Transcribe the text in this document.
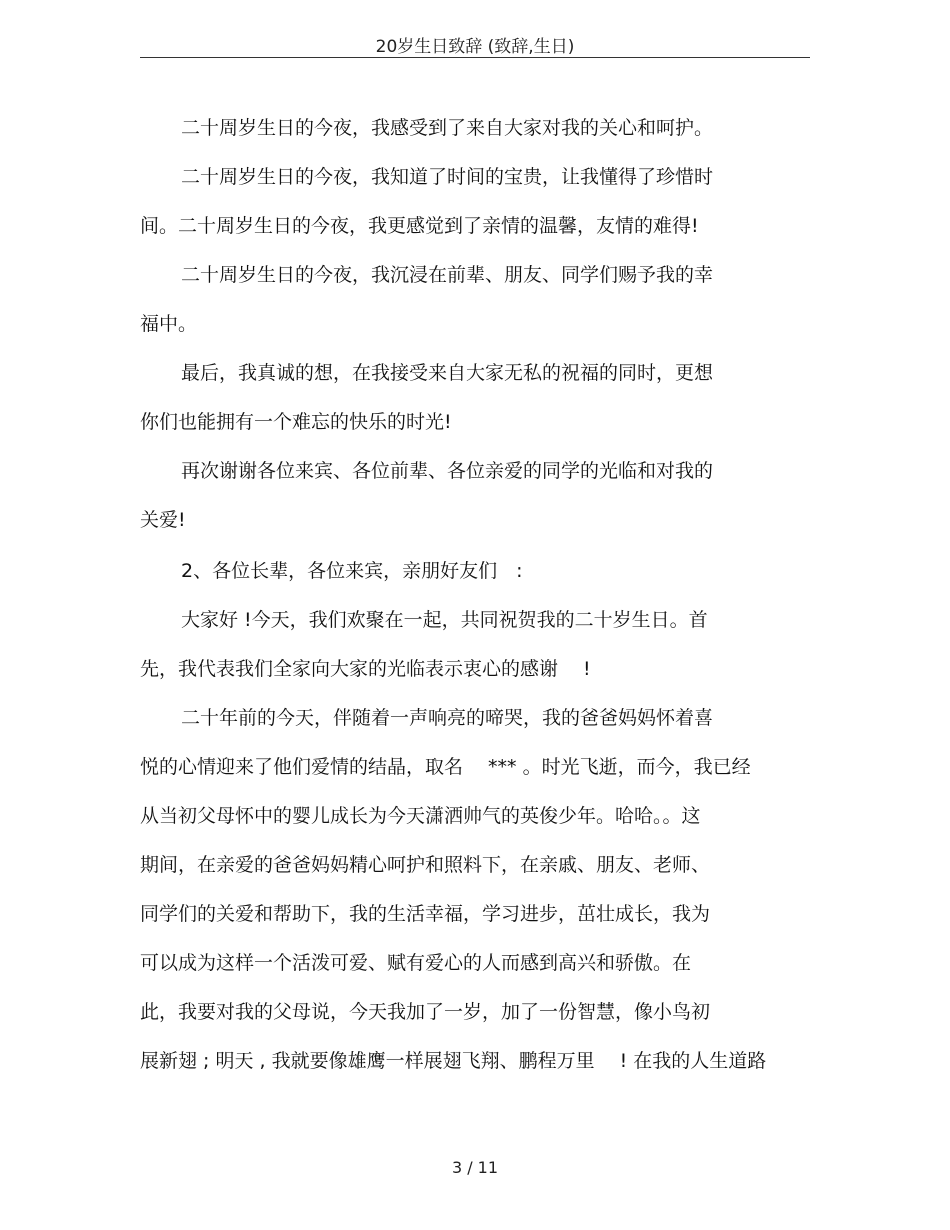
20岁生日致辞 (致辞,生日)
二十周岁生日的今夜，我感受到了来自大家对我的关心和呵护。
二十周岁生日的今夜，我知道了时间的宝贵，让我懂得了珍惜时
间。二十周岁生日的今夜，我更感觉到了亲情的温馨，友情的难得!
二十周岁生日的今夜，我沉浸在前辈、朋友、同学们赐予我的幸
福中。
最后，我真诚的想，在我接受来自大家无私的祝福的同时，更想
你们也能拥有一个难忘的快乐的时光!
再次谢谢各位来宾、各位前辈、各位亲爱的同学的光临和对我的
关爱!
2、各位长辈，各位来宾，亲朋好友们　:
大家好 !今天，我们欢聚在一起，共同祝贺我的二十岁生日。首
先，我代表我们全家向大家的光临表示衷心的感谢　 !
二十年前的今天，伴随着一声响亮的啼哭，我的爸爸妈妈怀着喜
悦的心情迎来了他们爱情的结晶，取名　 *** 。时光飞逝，而今，我已经
从当初父母怀中的婴儿成长为今天潇洒帅气的英俊少年。哈哈。。这
期间，在亲爱的爸爸妈妈精心呵护和照料下，在亲戚、朋友、老师、
同学们的关爱和帮助下，我的生活幸福，学习进步，茁壮成长，我为
可以成为这样一个活泼可爱、赋有爱心的人而感到高兴和骄傲。在
此，我要对我的父母说，今天我加了一岁，加了一份智慧，像小鸟初
展新翅 ; 明天 , 我就要像雄鹰一样展翅飞翔、鹏程万里　 ! 在我的人生道路
3 / 11
